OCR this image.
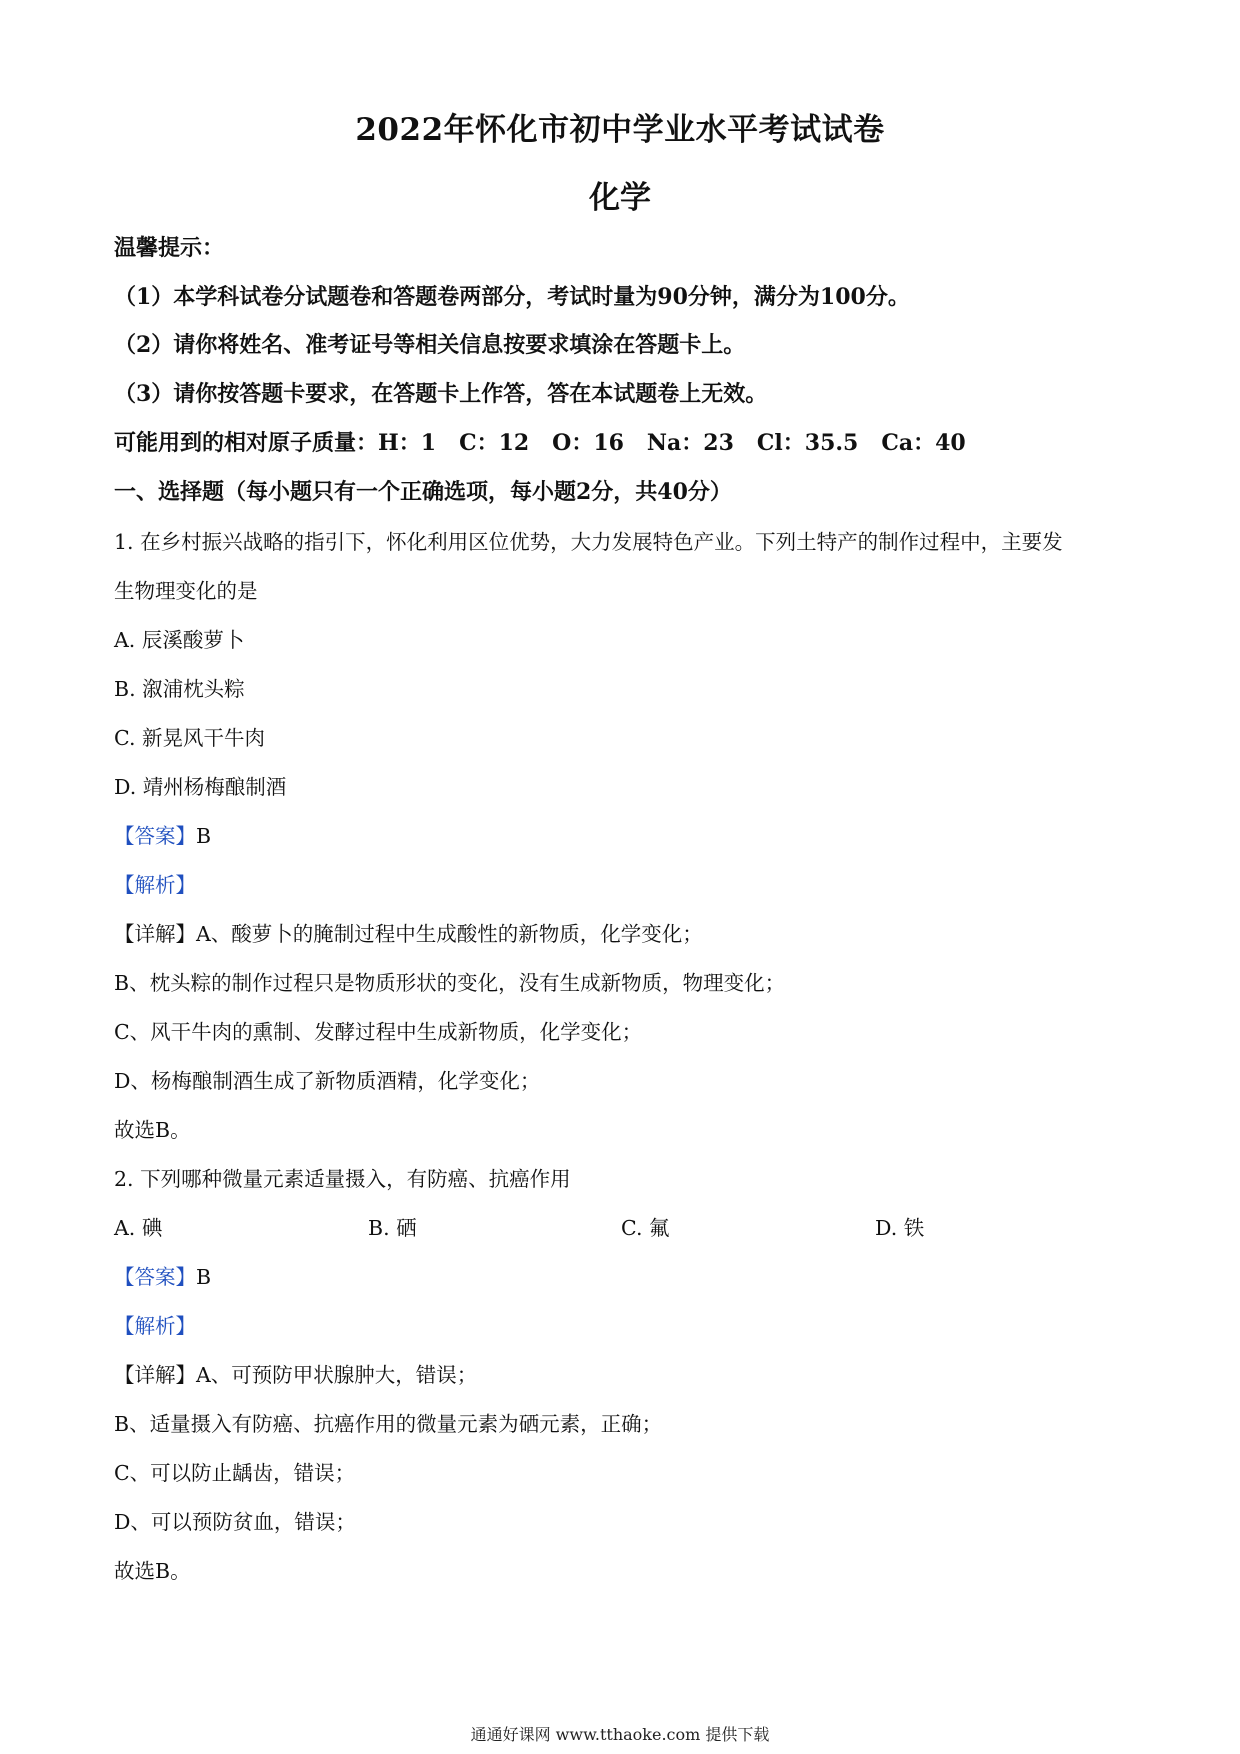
2022年怀化市初中学业水平考试试卷
化学
温馨提示：
（1）本学科试卷分试题卷和答题卷两部分，考试时量为90分钟，满分为100分。
（2）请你将姓名、准考证号等相关信息按要求填涂在答题卡上。
（3）请你按答题卡要求，在答题卡上作答，答在本试题卷上无效。
可能用到的相对原子质量：H：1   C：12   O：16   Na：23   Cl：35.5   Ca：40
一、选择题（每小题只有一个正确选项，每小题2分，共40分）
1. 在乡村振兴战略的指引下，怀化利用区位优势，大力发展特色产业。下列土特产的制作过程中，主要发
生物理变化的是
A. 辰溪酸萝卜
B. 溆浦枕头粽
C. 新晃风干牛肉
D. 靖州杨梅酿制酒
【答案】B
【解析】
【详解】A、酸萝卜的腌制过程中生成酸性的新物质，化学变化；
B、枕头粽的制作过程只是物质形状的变化，没有生成新物质，物理变化；
C、风干牛肉的熏制、发酵过程中生成新物质，化学变化；
D、杨梅酿制酒生成了新物质酒精，化学变化；
故选B。
2. 下列哪种微量元素适量摄入，有防癌、抗癌作用
A. 碘	B. 硒	C. 氟	D. 铁
【答案】B
【解析】
【详解】A、可预防甲状腺肿大，错误；
B、适量摄入有防癌、抗癌作用的微量元素为硒元素，正确；
C、可以防止龋齿，错误；
D、可以预防贫血，错误；
故选B。
通通好课网 www.tthaoke.com 提供下载
